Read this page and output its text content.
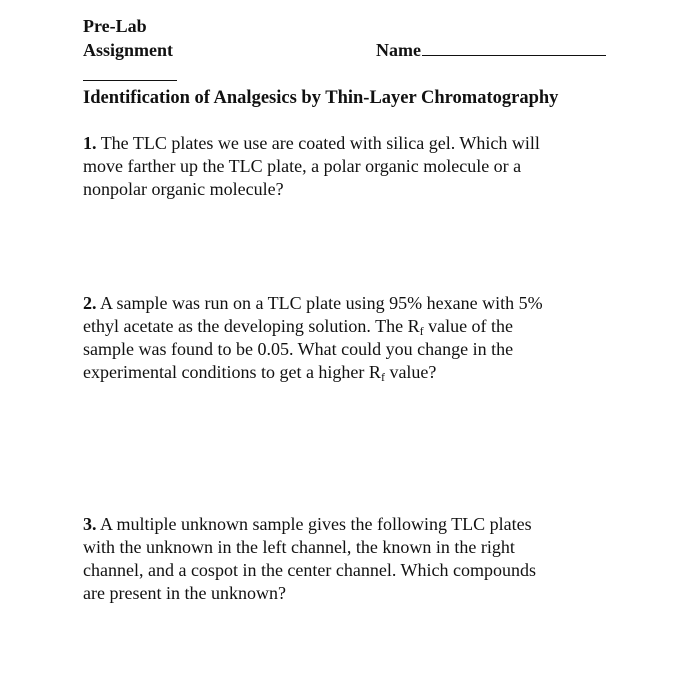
Pre-Lab
Assignment	Name
Identification of Analgesics by Thin-Layer Chromatography
1. The TLC plates we use are coated with silica gel. Which will
move farther up the TLC plate, a polar organic molecule or a
nonpolar organic molecule?
2. A sample was run on a TLC plate using 95% hexane with 5%
ethyl acetate as the developing solution. The $R_f$ value of the
sample was found to be 0.05. What could you change in the
experimental conditions to get a higher $R_f$ value?
3. A multiple unknown sample gives the following TLC plates
with the unknown in the left channel, the known in the right
channel, and a cospot in the center channel. Which compounds
are present in the unknown?
